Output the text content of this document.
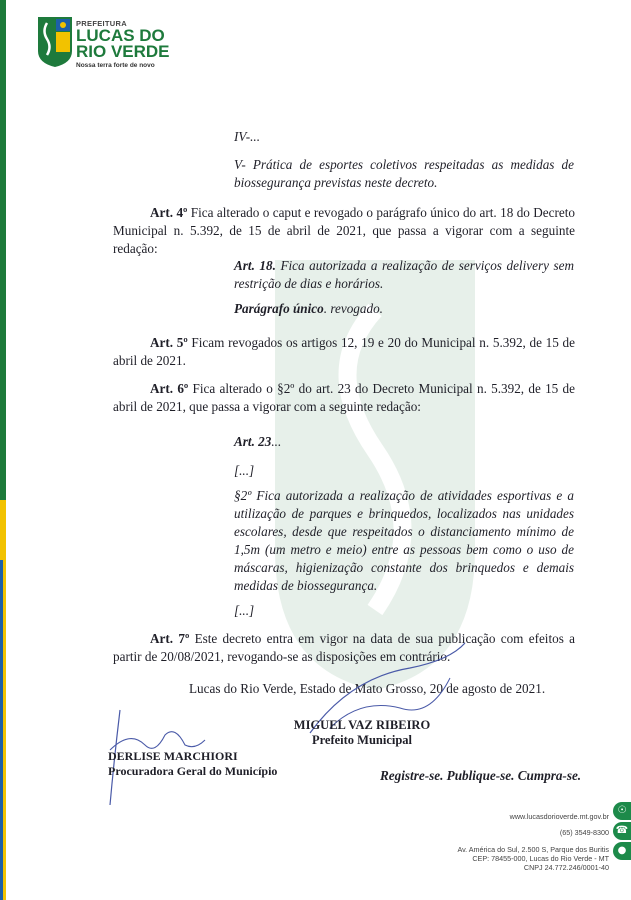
PREFEITURA
LUCAS DO
RIO VERDE
Nossa terra forte de novo

IV-...

V- Prática de esportes coletivos respeitadas as medidas de biossegurança previstas neste decreto.

Art. 4º Fica alterado o caput e revogado o parágrafo único do art. 18 do Decreto Municipal n. 5.392, de 15 de abril de 2021, que passa a vigorar com a seguinte redação:

Art. 18. Fica autorizada a realização de serviços delivery sem restrição de dias e horários.

Parágrafo único. revogado.

Art. 5º Ficam revogados os artigos 12, 19 e 20 do Municipal n. 5.392, de 15 de abril de 2021.

Art. 6º Fica alterado o §2º do art. 23 do Decreto Municipal n. 5.392, de 15 de abril de 2021, que passa a vigorar com a seguinte redação:

Art. 23...

[...]

§2º Fica autorizada a realização de atividades esportivas e a utilização de parques e brinquedos, localizados nas unidades escolares, desde que respeitados o distanciamento mínimo de 1,5m (um metro e meio) entre as pessoas bem como o uso de máscaras, higienização constante dos brinquedos e demais medidas de biossegurança.

[...]

Art. 7º Este decreto entra em vigor na data de sua publicação com efeitos a partir de 20/08/2021, revogando-se as disposições em contrário.

Lucas do Rio Verde, Estado de Mato Grosso, 20 de agosto de 2021.

MIGUEL VAZ RIBEIRO
Prefeito Municipal
DERLISE MARCHIORI
Procuradora Geral do Município	Registre-se. Publique-se. Cumpra-se.
www.lucasdorioverde.mt.gov.br
(65) 3549-8300
Av. América do Sul, 2.500 S, Parque dos Buritis
CEP: 78455-000, Lucas do Rio Verde - MT
CNPJ 24.772.246/0001-40
☉
☎
●
